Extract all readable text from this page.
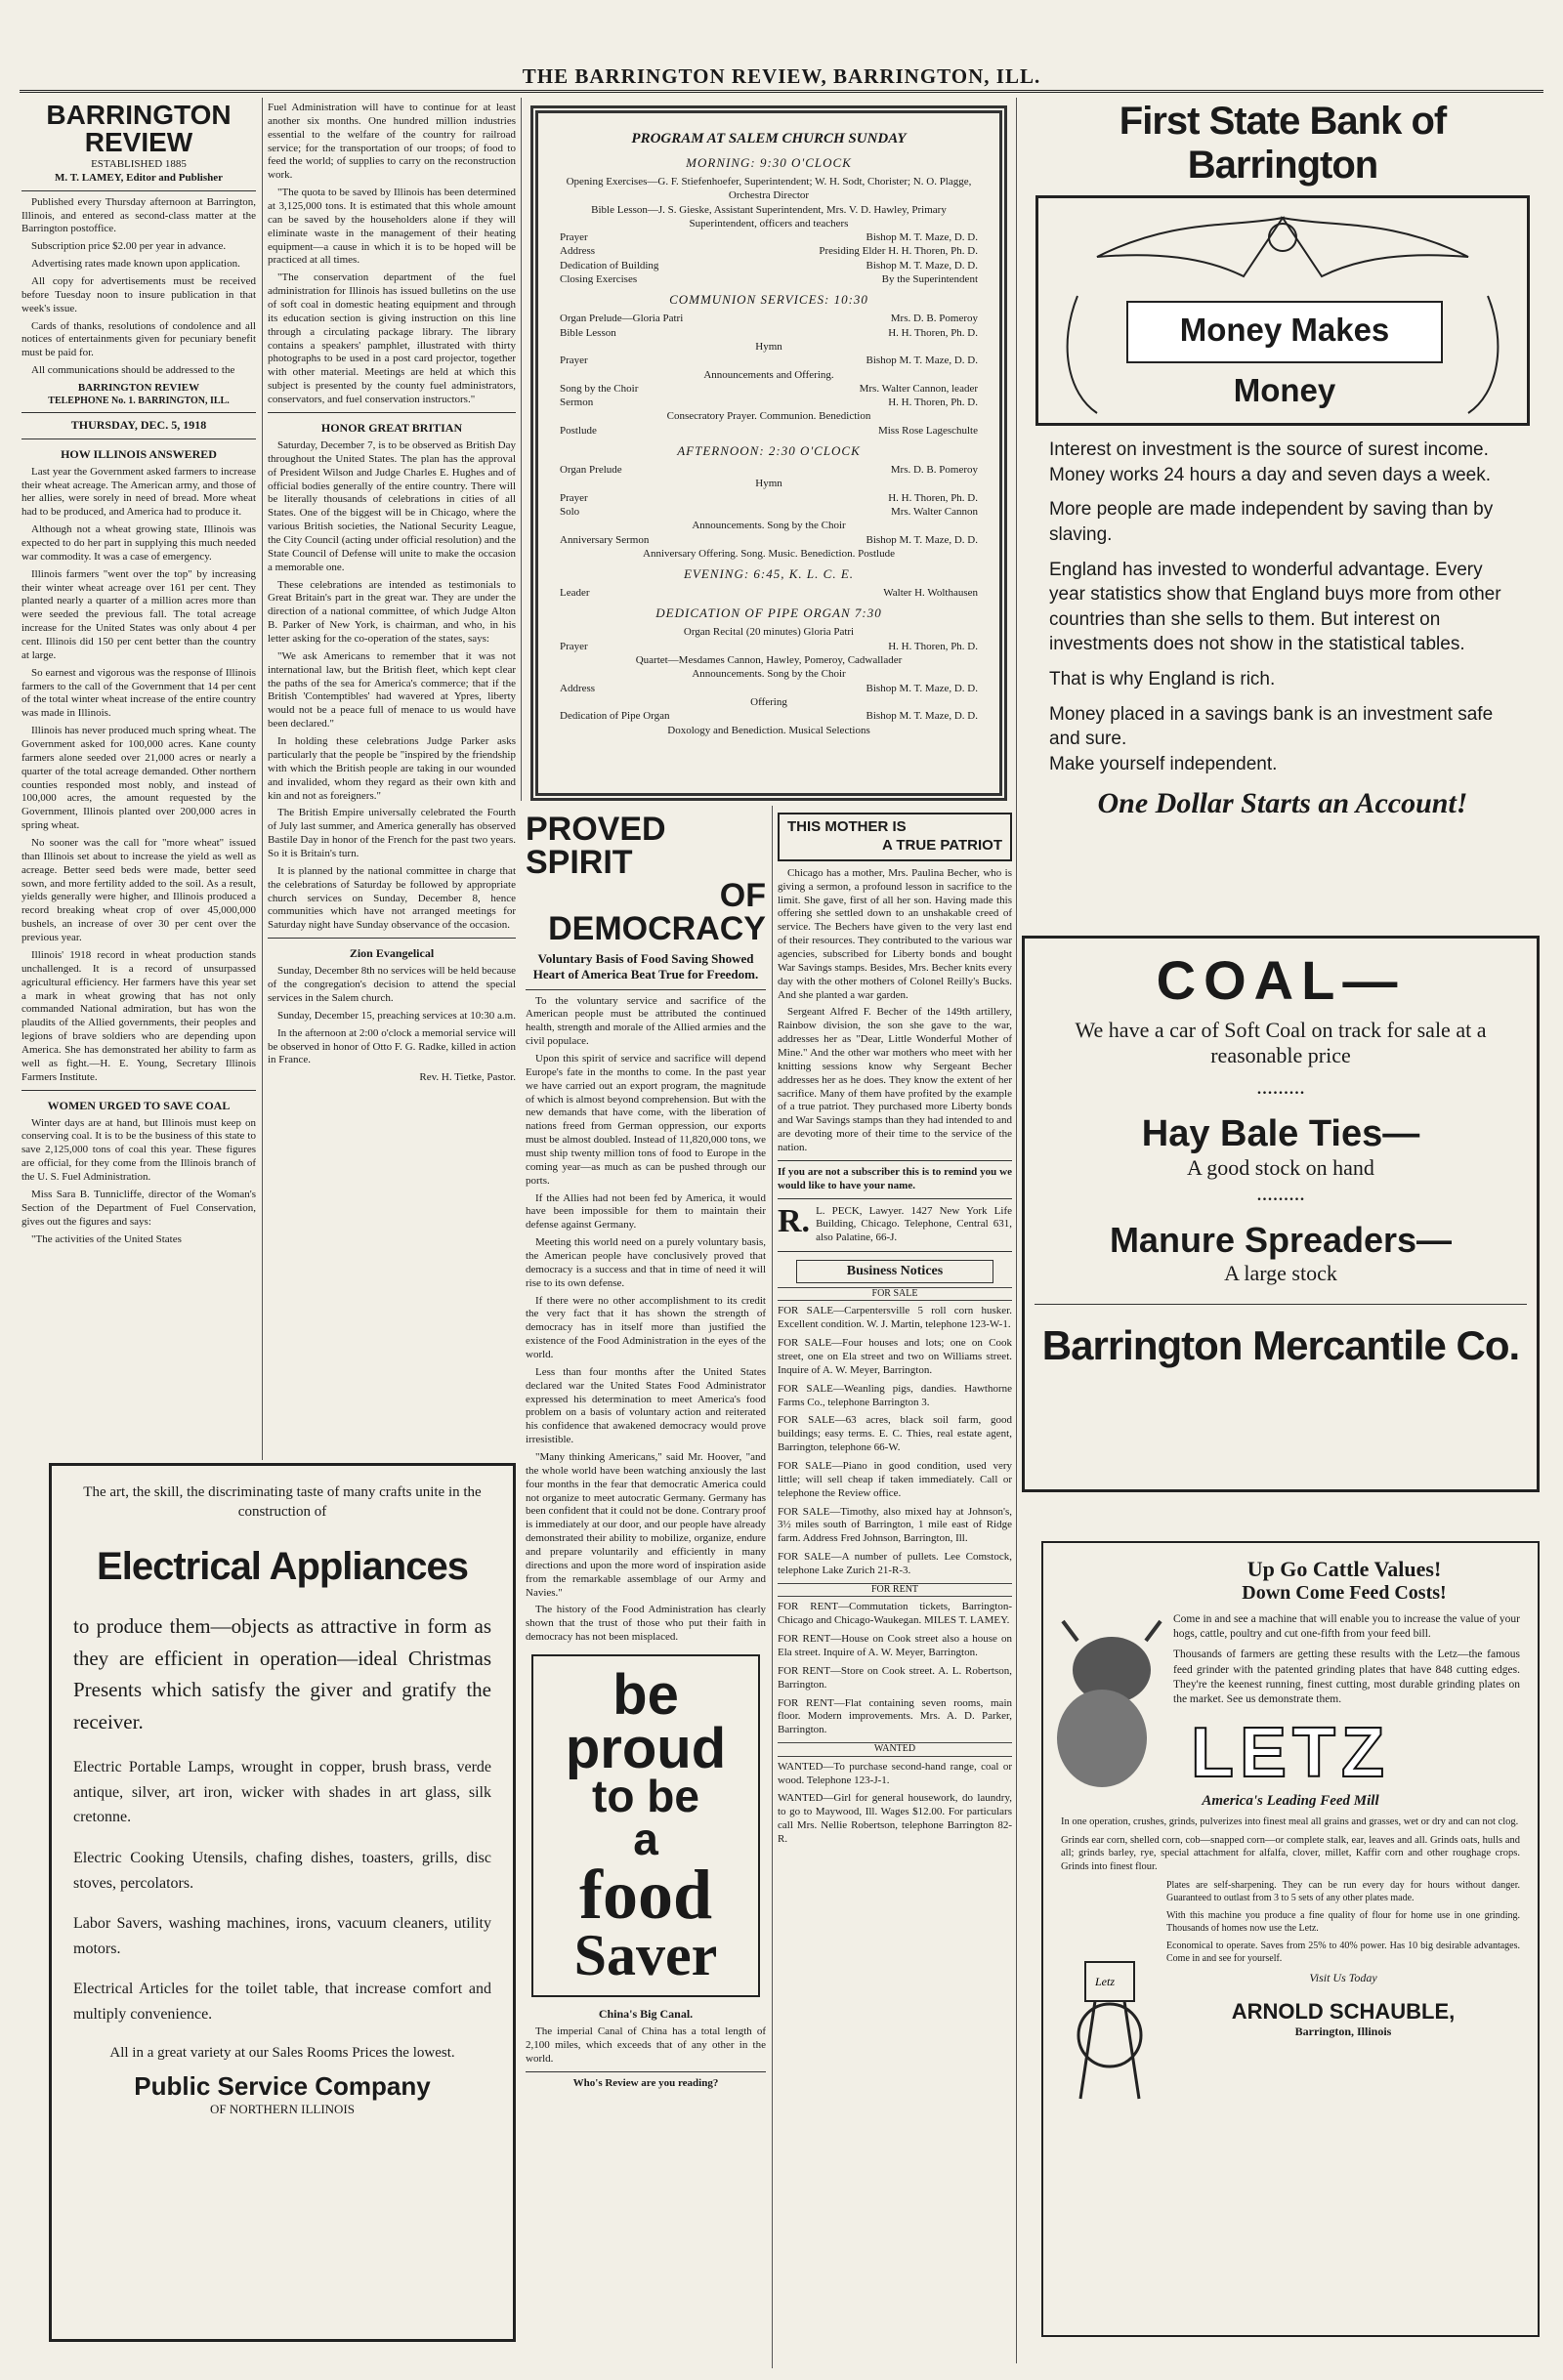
THE BARRINGTON REVIEW, BARRINGTON, ILL.
BARRINGTON REVIEW
ESTABLISHED 1885
M. T. LAMEY, Editor and Publisher

Published every Thursday afternoon at Barrington, Illinois, and entered as second-class matter at the Barrington postoffice.

Subscription price $2.00 per year in advance.

Advertising rates made known upon application.

All copy for advertisements must be received before Tuesday noon to insure publication in that week's issue.

Cards of thanks, resolutions of condolence and all notices of entertainments given for pecuniary benefit must be paid for.

All communications should be addressed to the

BARRINGTON REVIEW
TELEPHONE No. 1. BARRINGTON, ILL.
THURSDAY, DEC. 5, 1918
HOW ILLINOIS ANSWERED

Last year the Government asked farmers to increase their wheat acreage. The American army, and those of her allies, were sorely in need of bread. More wheat had to be produced, and America had to produce it.

Although not a wheat growing state, Illinois was expected to do her part in supplying this much needed war commodity. It was a case of emergency.

Illinois farmers "went over the top" by increasing their winter wheat acreage over 161 per cent. They planted nearly a quarter of a million acres more than were seeded the previous fall. The total acreage increase for the United States was only about 4 per cent. Illinois did 150 per cent better than the country at large.

So earnest and vigorous was the response of Illinois farmers to the call of the Government that 14 per cent of the total winter wheat increase of the entire country was made in Illinois.

Illinois has never produced much spring wheat. The Government asked for 100,000 acres. Kane county farmers alone seeded over 21,000 acres or nearly a quarter of the total acreage demanded. Other northern counties responded most nobly, and instead of 100,000 acres, the amount requested by the Government, Illinois planted over 200,000 acres in spring wheat.

No sooner was the call for "more wheat" issued than Illinois set about to increase the yield as well as acreage. Better seed beds were made, better seed sown, and more fertility added to the soil. As a result, yields generally were higher, and Illinois produced a record breaking wheat crop of over 45,000,000 bushels, an increase of over 30 per cent over the previous year.

Illinois' 1918 record in wheat production stands unchallenged. It is a record of unsurpassed agricultural efficiency. Her farmers have this year set a mark in wheat growing that has not only commanded National admiration, but has won the plaudits of the Allied governments, their peoples and legions of brave soldiers who are depending upon America. She has demonstrated her ability to farm as well as fight.—H. E. Young, Secretary Illinois Farmers Institute.

WOMEN URGED TO SAVE COAL

Winter days are at hand, but Illinois must keep on conserving coal. It is to be the business of this state to save 2,125,000 tons of coal this year. These figures are official, for they come from the Illinois branch of the U. S. Fuel Administration.

Miss Sara B. Tunnicliffe, director of the Woman's Section of the Department of Fuel Conservation, gives out the figures and says:

"The activities of the United States

Fuel Administration will have to continue for at least another six months. One hundred million industries essential to the welfare of the country for railroad service; for the transportation of our troops; of food to feed the world; of supplies to carry on the reconstruction work.

"The quota to be saved by Illinois has been determined at 3,125,000 tons. It is estimated that this whole amount can be saved by the householders alone if they will eliminate waste in the management of their heating equipment—a cause in which it is to be hoped will be practiced at all times.

"The conservation department of the fuel administration for Illinois has issued bulletins on the use of soft coal in domestic heating equipment and through its education section is giving instruction on this line through a circulating package library. The library contains a speakers' pamphlet, illustrated with thirty photographs to be used in a post card projector, together with other material. Meetings are held at which this subject is presented by the county fuel administrators, conservators, and fuel conservation instructors."

HONOR GREAT BRITIAN

Saturday, December 7, is to be observed as British Day throughout the United States. The plan has the approval of President Wilson and Judge Charles E. Hughes and of official bodies generally of the entire country. There will be literally thousands of celebrations in cities of all States. One of the biggest will be in Chicago, where the various British societies, the National Security League, the City Council (acting under official resolution) and the State Council of Defense will unite to make the occasion a memorable one.

These celebrations are intended as testimonials to Great Britain's part in the great war. They are under the direction of a national committee, of which Judge Alton B. Parker of New York, is chairman, and who, in his letter asking for the co-operation of the states, says:

"We ask Americans to remember that it was not international law, but the British fleet, which kept clear the paths of the sea for America's commerce; that if the British 'Contemptibles' had wavered at Ypres, liberty would not be a peace full of menace to us would have been declared."

In holding these celebrations Judge Parker asks particularly that the people be "inspired by the friendship with which the British people are taking in our wounded and invalided, whom they regard as their own kith and kin and not as foreigners."

The British Empire universally celebrated the Fourth of July last summer, and America generally has observed Bastile Day in honor of the French for the past two years. So it is Britain's turn.

It is planned by the national committee in charge that the celebrations of Saturday be followed by appropriate church services on Sunday, December 8, hence communities which have not arranged meetings for Saturday night have Sunday observance of the occasion.

Zion Evangelical

Sunday, December 8th no services will be held because of the congregation's decision to attend the special services in the Salem church.

Sunday, December 15, preaching services at 10:30 a.m.

In the afternoon at 2:00 o'clock a memorial service will be observed in honor of Otto F. G. Radke, killed in action in France.

Rev. H. Tietke, Pastor.
PROGRAM AT SALEM CHURCH SUNDAY
MORNING: 9:30 O'CLOCK
Opening Exercises—G. F. Stiefenhoefer, Superintendent; W. H. Sodt, Chorister; N. O. Plagge, Orchestra Director
Bible Lesson—J. S. Gieske, Assistant Superintendent, Mrs. V. D. Hawley, Primary Superintendent, officers and teachers
Prayer	Bishop M. T. Maze, D. D.
Address	Presiding Elder H. H. Thoren, Ph. D.
Dedication of Building	Bishop M. T. Maze, D. D.
Closing Exercises	By the Superintendent
COMMUNION SERVICES: 10:30
Organ Prelude—Gloria Patri	Mrs. D. B. Pomeroy
Bible Lesson	H. H. Thoren, Ph. D.
Hymn
Prayer	Bishop M. T. Maze, D. D.
Announcements and Offering.
Song by the Choir	Mrs. Walter Cannon, leader
Sermon	H. H. Thoren, Ph. D.
Consecratory Prayer. Communion. Benediction
Postlude	Miss Rose Lageschulte
AFTERNOON: 2:30 O'CLOCK
Organ Prelude	Mrs. D. B. Pomeroy
Hymn
Prayer	H. H. Thoren, Ph. D.
Solo	Mrs. Walter Cannon
Announcements. Song by the Choir
Anniversary Sermon	Bishop M. T. Maze, D. D.
Anniversary Offering. Song. Music. Benediction. Postlude
EVENING: 6:45, K. L. C. E.
Leader	Walter H. Wolthausen
DEDICATION OF PIPE ORGAN 7:30
Organ Recital (20 minutes) Gloria Patri
Prayer	H. H. Thoren, Ph. D.
Quartet—Mesdames Cannon, Hawley, Pomeroy, Cadwallader
Announcements. Song by the Choir
Address	Bishop M. T. Maze, D. D.
Offering
Dedication of Pipe Organ	Bishop M. T. Maze, D. D.
Doxology and Benediction. Musical Selections
PROVED SPIRIT
OF DEMOCRACY
Voluntary Basis of Food Saving Showed Heart of America Beat True for Freedom.

To the voluntary service and sacrifice of the American people must be attributed the continued health, strength and morale of the Allied armies and the civil populace.

Upon this spirit of service and sacrifice will depend Europe's fate in the months to come. In the past year we have carried out an export program, the magnitude of which is almost beyond comprehension. But with the new demands that have come, with the liberation of nations freed from German oppression, our exports must be almost doubled. Instead of 11,820,000 tons, we must ship twenty million tons of food to Europe in the coming year—as much as can be pushed through our ports.

If the Allies had not been fed by America, it would have been impossible for them to maintain their defense against Germany.

Meeting this world need on a purely voluntary basis, the American people have conclusively proved that democracy is a success and that in time of need it will rise to its own defense.

If there were no other accomplishment to its credit the very fact that it has shown the strength of democracy has in itself more than justified the existence of the Food Administration in the eyes of the world.

Less than four months after the United States declared war the United States Food Administrator expressed his determination to meet America's food problem on a basis of voluntary action and reiterated his confidence that awakened democracy would prove irresistible.

"Many thinking Americans," said Mr. Hoover, "and the whole world have been watching anxiously the last four months in the fear that democratic America could not organize to meet autocratic Germany. Germany has been confident that it could not be done. Contrary proof is immediately at our door, and our people have already demonstrated their ability to mobilize, organize, endure and prepare voluntarily and efficiently in many directions and upon the more word of inspiration aside from the remarkable assemblage of our Army and Navies."

The history of the Food Administration has clearly shown that the trust of those who put their faith in democracy has not been misplaced.

be proud
to be
a
food
Saver
China's Big Canal.

The imperial Canal of China has a total length of 2,100 miles, which exceeds that of any other in the world.

Who's Review are you reading?
THIS MOTHER IS
A TRUE PATRIOT

Chicago has a mother, Mrs. Paulina Becher, who is giving a sermon, a profound lesson in sacrifice to the limit. She gave, first of all her son. Having made this offering she settled down to an unshakable creed of service. The Bechers have given to the very last end of their resources. They contributed to the various war agencies, subscribed for Liberty bonds and bought War Savings stamps. Besides, Mrs. Becher knits every day with the other mothers of Colonel Reilly's Bucks. And she planted a war garden.

Sergeant Alfred F. Becher of the 149th artillery, Rainbow division, the son she gave to the war, addresses her as "Dear, Little Wonderful Mother of Mine." And the other war mothers who meet with her knitting sessions know why Sergeant Becher addresses her as he does. They know the extent of her sacrifice. Many of them have profited by the example of a true patriot. They purchased more Liberty bonds and War Savings stamps than they had intended to and are devoting more of their time to the service of the nation.

If you are not a subscriber this is to remind you we would like to have your name.

R. L. PECK, Lawyer. 1427 New York Life Building, Chicago. Telephone, Central 631, also Palatine, 66-J.
Business Notices
FOR SALE

FOR SALE—Carpentersville 5 roll corn husker. Excellent condition. W. J. Martin, telephone 123-W-1.

FOR SALE—Four houses and lots; one on Cook street, one on Ela street and two on Williams street. Inquire of A. W. Meyer, Barrington.

FOR SALE—Weanling pigs, dandies. Hawthorne Farms Co., telephone Barrington 3.

FOR SALE—63 acres, black soil farm, good buildings; easy terms. E. C. Thies, real estate agent, Barrington, telephone 66-W.

FOR SALE—Piano in good condition, used very little; will sell cheap if taken immediately. Call or telephone the Review office.

FOR SALE—Timothy, also mixed hay at Johnson's, 3½ miles south of Barrington, 1 mile east of Ridge farm. Address Fred Johnson, Barrington, Ill.

FOR SALE—A number of pullets. Lee Comstock, telephone Lake Zurich 21-R-3.

FOR RENT

FOR RENT—Commutation tickets, Barrington-Chicago and Chicago-Waukegan. MILES T. LAMEY.

FOR RENT—House on Cook street also a house on Ela street. Inquire of A. W. Meyer, Barrington.

FOR RENT—Store on Cook street. A. L. Robertson, Barrington.

FOR RENT—Flat containing seven rooms, main floor. Modern improvements. Mrs. A. D. Parker, Barrington.

WANTED

WANTED—To purchase second-hand range, coal or wood. Telephone 123-J-1.

WANTED—Girl for general housework, do laundry, to go to Maywood, Ill. Wages $12.00. For particulars call Mrs. Nellie Robertson, telephone Barrington 82-R.

The art, the skill, the discriminating taste of many crafts unite in the construction of
Electrical Appliances
to produce them—objects as attractive in form as they are efficient in operation—ideal Christmas Presents which satisfy the giver and gratify the receiver.
Electric Portable Lamps, wrought in copper, brush brass, verde antique, silver, art iron, wicker with shades in art glass, silk cretonne.
Electric Cooking Utensils, chafing dishes, toasters, grills, disc stoves, percolators.
Labor Savers, washing machines, irons, vacuum cleaners, utility motors.
Electrical Articles for the toilet table, that increase comfort and multiply convenience.
All in a great variety at our Sales Rooms Prices the lowest.
Public Service Company
OF NORTHERN ILLINOIS
First State Bank of Barrington
Money Makes Money
Interest on investment is the source of surest income. Money works 24 hours a day and seven days a week.
More people are made independent by saving than by slaving.
England has invested to wonderful advantage. Every year statistics show that England buys more from other countries than she sells to them. But interest on investments does not show in the statistical tables.
That is why England is rich.
Money placed in a savings bank is an investment safe and sure.
Make yourself independent.
One Dollar Starts an Account!
COAL—
We have a car of Soft Coal on track for sale at a reasonable price
.........
Hay Bale Ties—
A good stock on hand
.........
Manure Spreaders—
A large stock
Barrington Mercantile Co.
Up Go Cattle Values!
Down Come Feed Costs!
Come in and see a machine that will enable you to increase the value of your hogs, cattle, poultry and cut one-fifth from your feed bill.
Thousands of farmers are getting these results with the Letz—the famous feed grinder with the patented grinding plates that have 848 cutting edges. They're the keenest running, finest cutting, most durable grinding plates on the market. See us demonstrate them.
LETZ
America's Leading Feed Mill
Letz
In one operation, crushes, grinds, pulverizes into finest meal all grains and grasses, wet or dry and can not clog.
Grinds ear corn, shelled corn, cob—snapped corn—or complete stalk, ear, leaves and all. Grinds oats, hulls and all; grinds barley, rye, special attachment for alfalfa, clover, millet, Kaffir corn and other roughage crops. Grinds into finest flour.
Plates are self-sharpening. They can be run every day for hours without danger. Guaranteed to outlast from 3 to 5 sets of any other plates made.
With this machine you produce a fine quality of flour for home use in one grinding. Thousands of homes now use the Letz.
Economical to operate. Saves from 25% to 40% power. Has 10 big desirable advantages. Come in and see for yourself.
Visit Us Today
ARNOLD SCHAUBLE,
Barrington, Illinois
